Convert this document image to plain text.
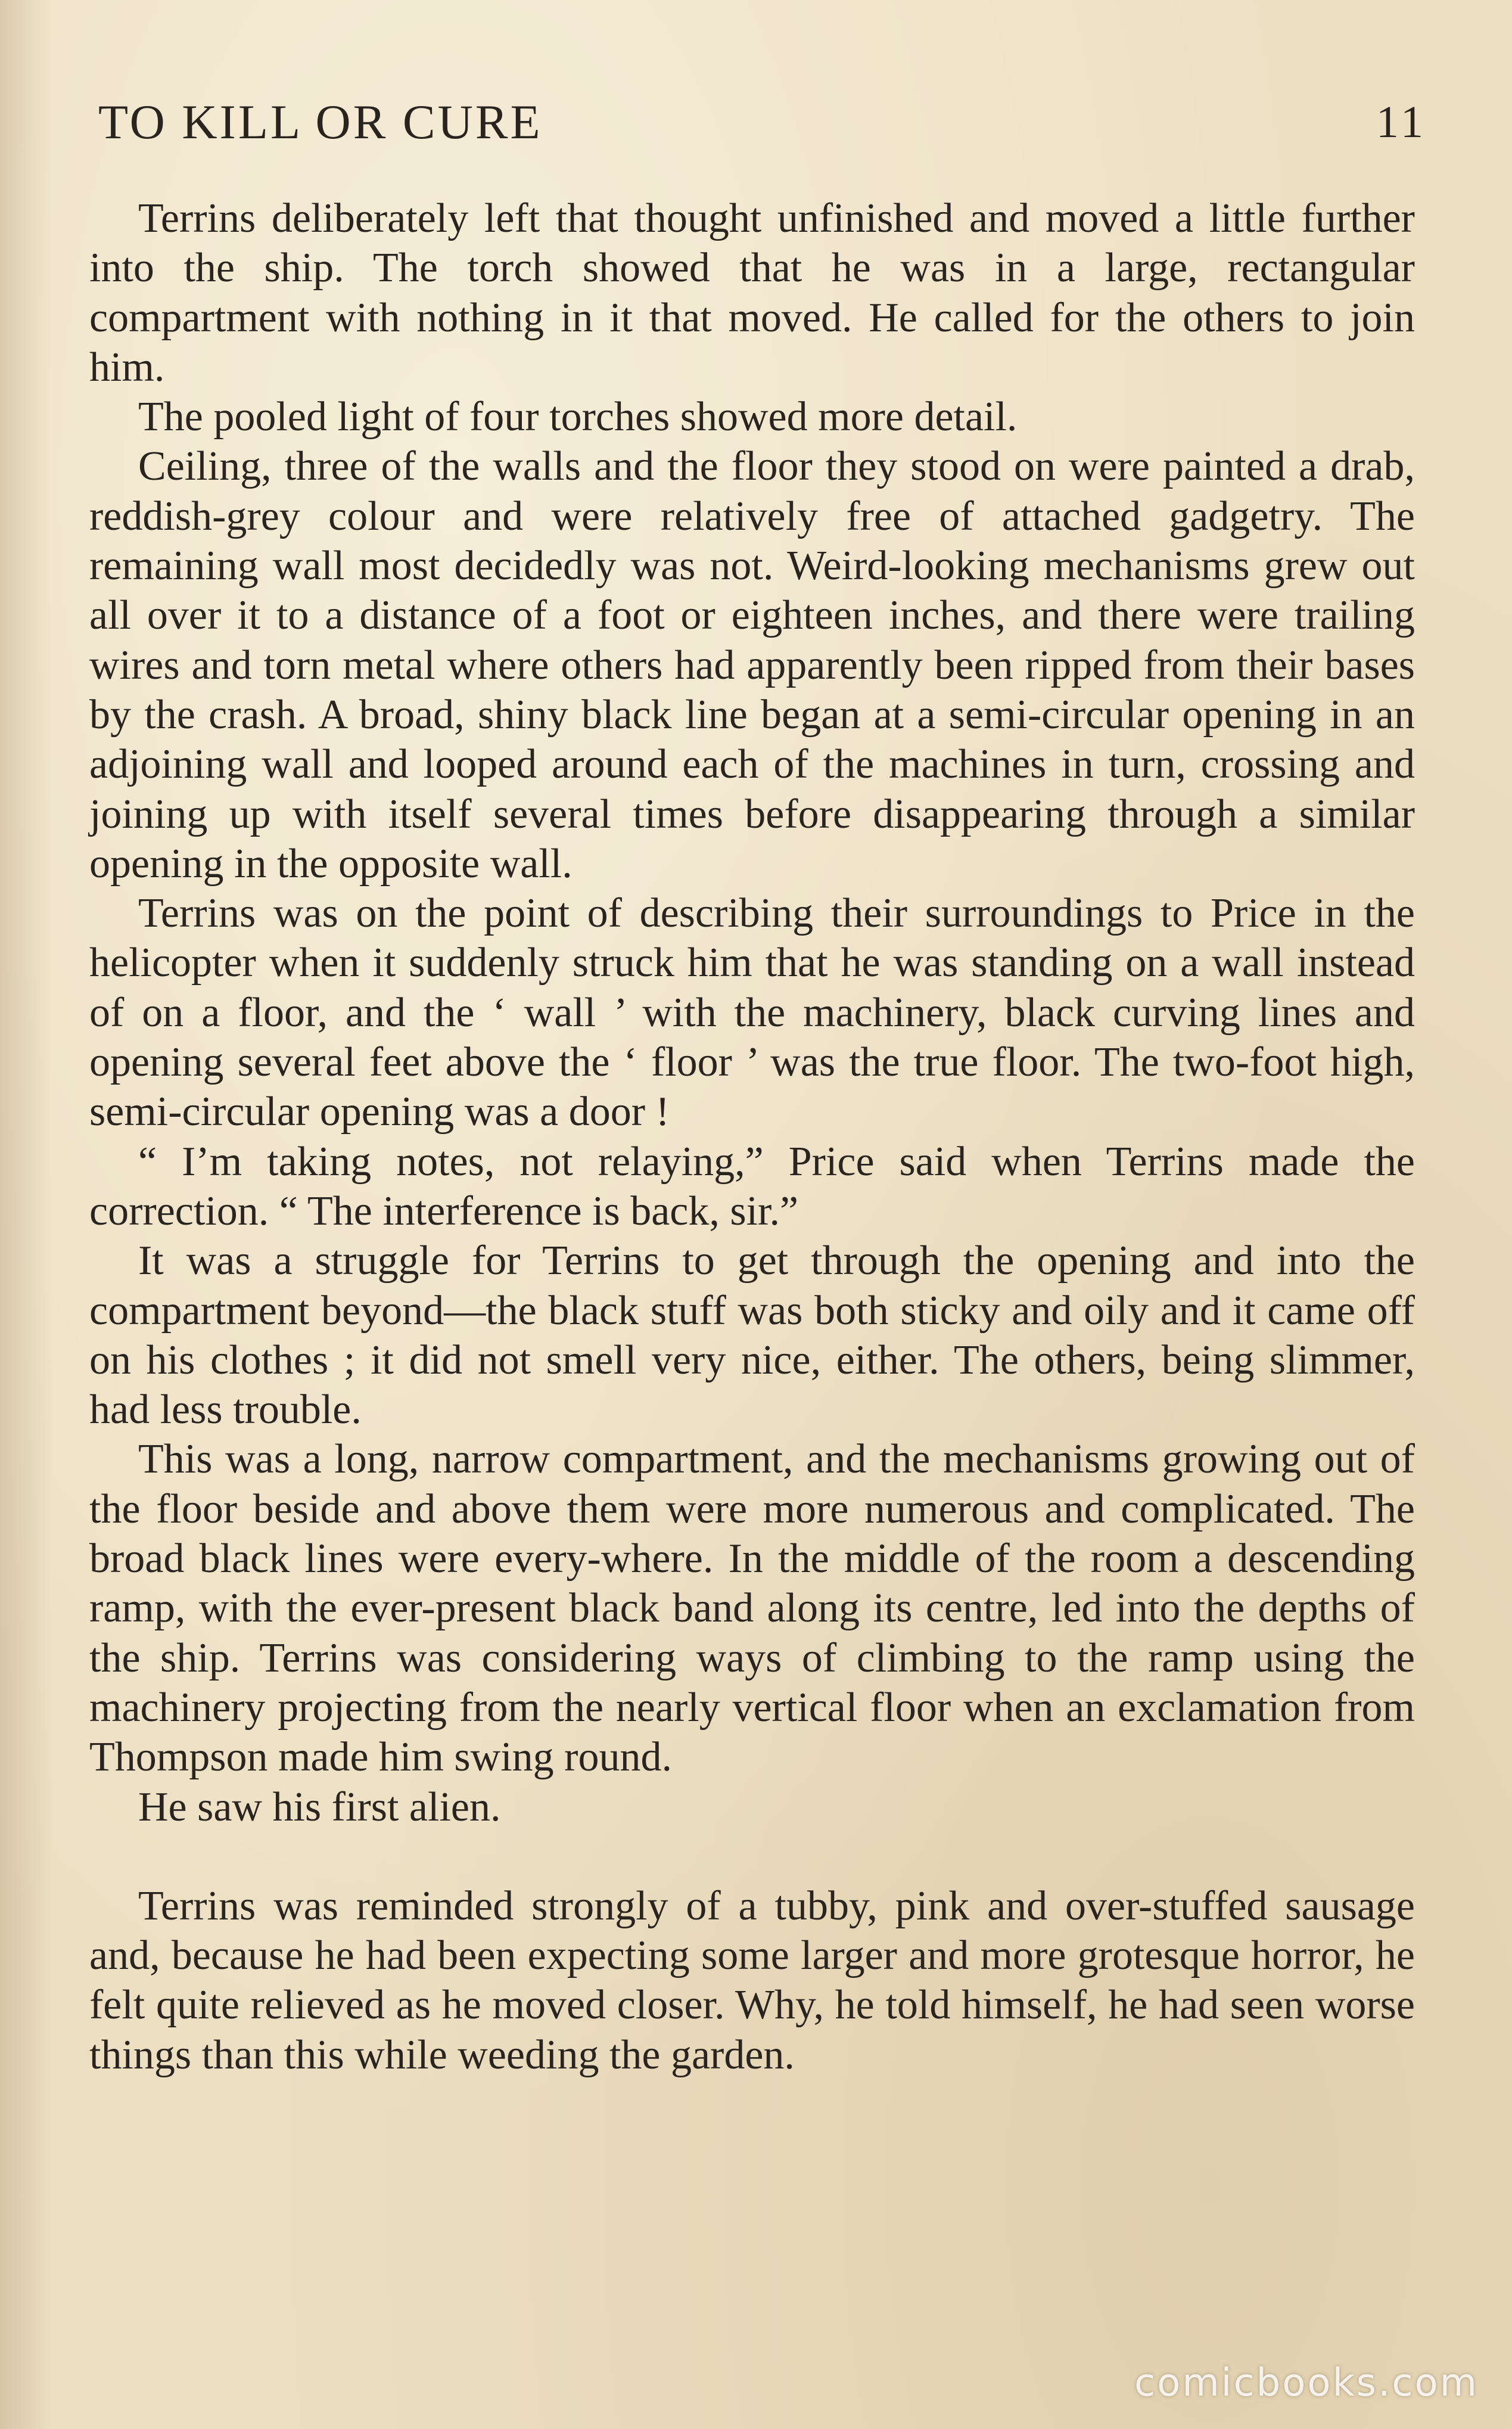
TO KILL OR CURE	11

Terrins deliberately left that thought unfinished and moved a little further into the ship. The torch showed that he was in a large, rectangular compartment with nothing in it that moved. He called for the others to join him.

The pooled light of four torches showed more detail.

Ceiling, three of the walls and the floor they stood on were painted a drab, reddish-grey colour and were relatively free of attached gadgetry. The remaining wall most decidedly was not. Weird-looking mechanisms grew out all over it to a distance of a foot or eighteen inches, and there were trailing wires and torn metal where others had apparently been ripped from their bases by the crash. A broad, shiny black line began at a semi-circular opening in an adjoining wall and looped around each of the machines in turn, crossing and joining up with itself several times before disappearing through a similar opening in the opposite wall.

Terrins was on the point of describing their surroundings to Price in the helicopter when it suddenly struck him that he was standing on a wall instead of on a floor, and the ‘ wall ’ with the machinery, black curving lines and opening several feet above the ‘ floor ’ was the true floor. The two-foot high, semi-circular opening was a door !

“ I’m taking notes, not relaying,” Price said when Terrins made the correction. “ The interference is back, sir.”

It was a struggle for Terrins to get through the opening and into the compartment beyond—the black stuff was both sticky and oily and it came off on his clothes ; it did not smell very nice, either. The others, being slimmer, had less trouble.

This was a long, narrow compartment, and the mechanisms growing out of the floor beside and above them were more numerous and complicated. The broad black lines were every-where. In the middle of the room a descending ramp, with the ever-present black band along its centre, led into the depths of the ship. Terrins was considering ways of climbing to the ramp using the machinery projecting from the nearly vertical floor when an exclamation from Thompson made him swing round.

He saw his first alien.

Terrins was reminded strongly of a tubby, pink and over-stuffed sausage and, because he had been expecting some larger and more grotesque horror, he felt quite relieved as he moved closer. Why, he told himself, he had seen worse things than this while weeding the garden.

comicbooks.com
